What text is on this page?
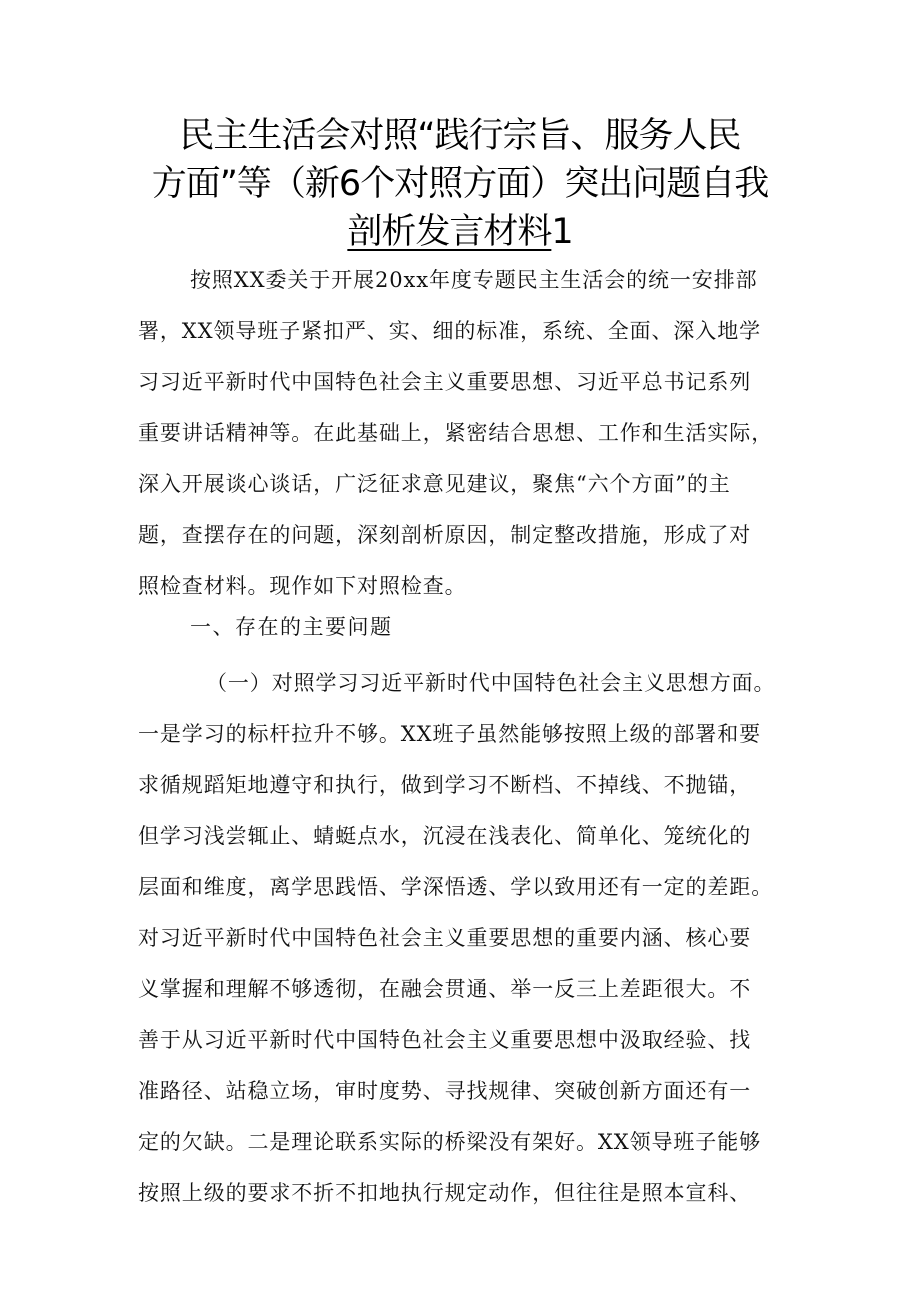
民主生活会对照“践行宗旨、服务人民
方面”等（新6个对照方面）突出问题自我
剖析发言材料1
按照XX委关于开展20xx年度专题民主生活会的统一安排部
署，XX领导班子紧扣严、实、细的标准，系统、全面、深入地学
习习近平新时代中国特色社会主义重要思想、习近平总书记系列
重要讲话精神等。在此基础上，紧密结合思想、工作和生活实际，
深入开展谈心谈话，广泛征求意见建议，聚焦“六个方面”的主
题，查摆存在的问题，深刻剖析原因，制定整改措施，形成了对
照检查材料。现作如下对照检查。
一、存在的主要问题
（一）对照学习习近平新时代中国特色社会主义思想方面。
一是学习的标杆拉升不够。XX班子虽然能够按照上级的部署和要
求循规蹈矩地遵守和执行，做到学习不断档、不掉线、不抛锚，
但学习浅尝辄止、蜻蜓点水，沉浸在浅表化、简单化、笼统化的
层面和维度，离学思践悟、学深悟透、学以致用还有一定的差距。
对习近平新时代中国特色社会主义重要思想的重要内涵、核心要
义掌握和理解不够透彻，在融会贯通、举一反三上差距很大。不
善于从习近平新时代中国特色社会主义重要思想中汲取经验、找
准路径、站稳立场，审时度势、寻找规律、突破创新方面还有一
定的欠缺。二是理论联系实际的桥梁没有架好。XX领导班子能够
按照上级的要求不折不扣地执行规定动作，但往往是照本宣科、
